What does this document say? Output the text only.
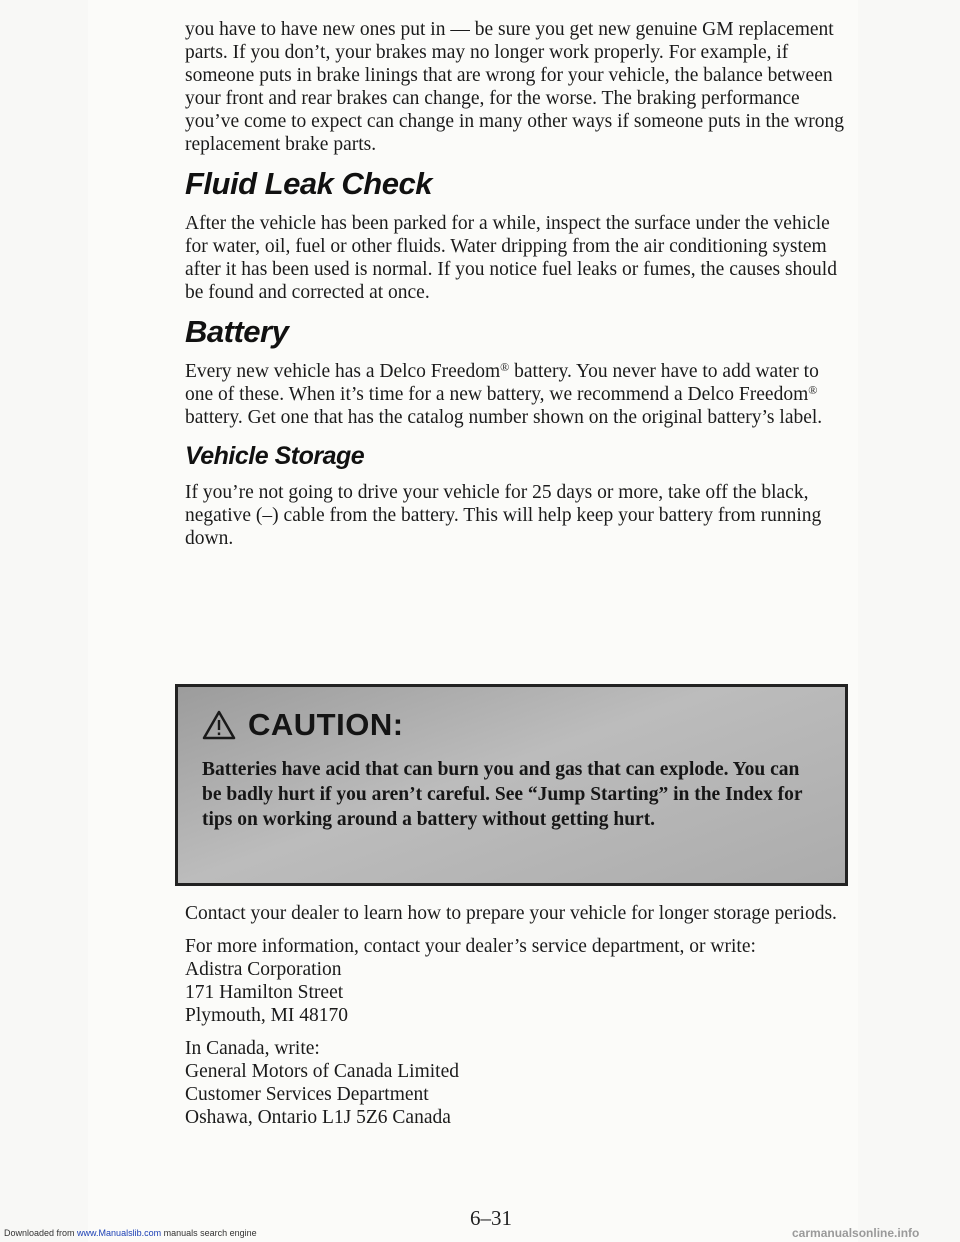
you have to have new ones put in — be sure you get new genuine GM replacement parts. If you don’t, your brakes may no longer work properly. For example, if someone puts in brake linings that are wrong for your vehicle, the balance between your front and rear brakes can change, for the worse. The braking performance you’ve come to expect can change in many other ways if someone puts in the wrong replacement brake parts.

Fluid Leak Check

After the vehicle has been parked for a while, inspect the surface under the vehicle for water, oil, fuel or other fluids. Water dripping from the air conditioning system after it has been used is normal. If you notice fuel leaks or fumes, the causes should be found and corrected at once.

Battery

Every new vehicle has a Delco Freedom® battery. You never have to add water to one of these. When it’s time for a new battery, we recommend a Delco Freedom® battery. Get one that has the catalog number shown on the original battery’s label.

Vehicle Storage

If you’re not going to drive your vehicle for 25 days or more, take off the black, negative (–) cable from the battery. This will help keep your battery from running down.

CAUTION:
Batteries have acid that can burn you and gas that can explode. You can be badly hurt if you aren’t careful. See “Jump Starting” in the Index for tips on working around a battery without getting hurt.

Contact your dealer to learn how to prepare your vehicle for longer storage periods.

For more information, contact your dealer’s service department, or write:
Adistra Corporation
171 Hamilton Street
Plymouth, MI 48170
In Canada, write:
General Motors of Canada Limited
Customer Services Department
Oshawa, Ontario L1J 5Z6 Canada
6–31
Downloaded from www.Manualslib.com manuals search engine	carmanualsonline.info
